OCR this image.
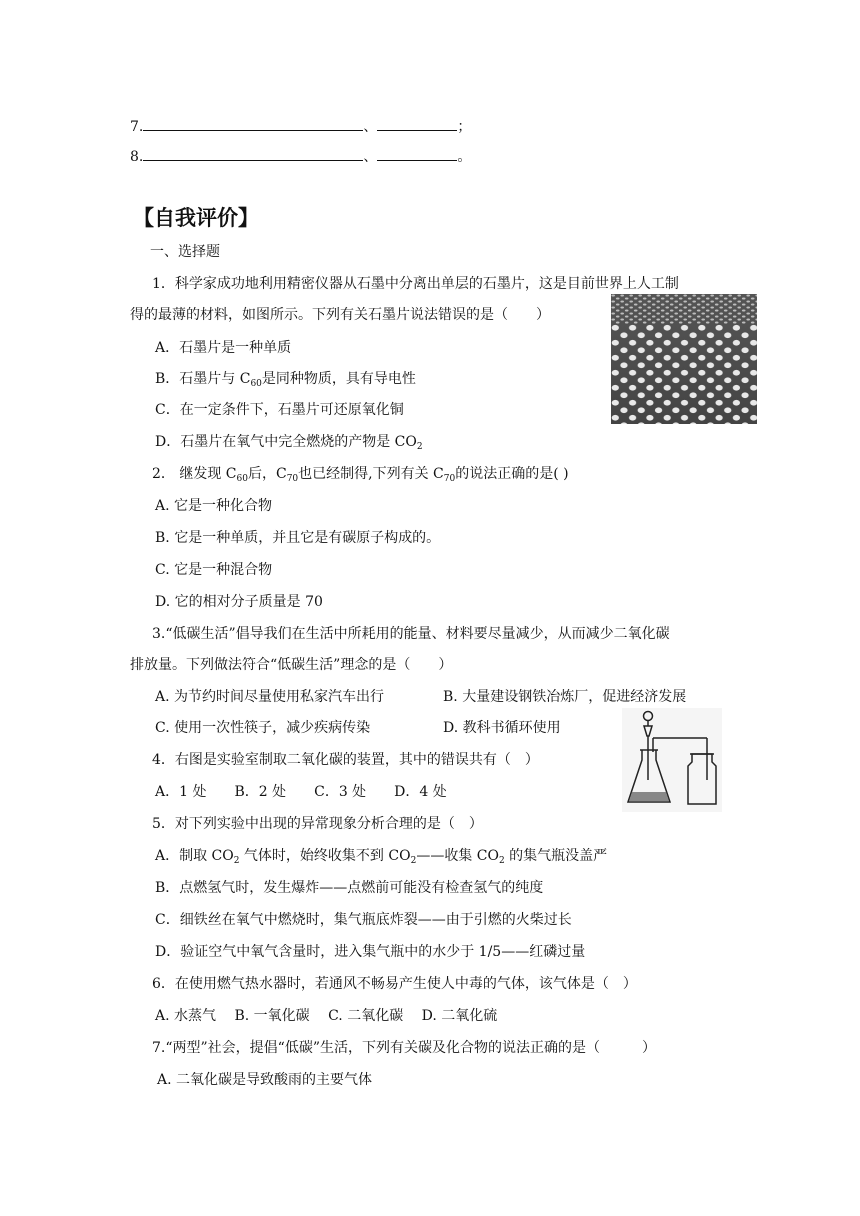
7.	、	；
8.	、	。
【自我评价】
一、选择题
1．科学家成功地利用精密仪器从石墨中分离出单层的石墨片，这是目前世界上人工制
得的最薄的材料，如图所示。下列有关石墨片说法错误的是（　　）
A．石墨片是一种单质
B．石墨片与 $C_{60}$是同种物质，具有导电性
C．在一定条件下，石墨片可还原氧化铜
D．石墨片在氧气中完全燃烧的产物是 $CO_2$
2． 继发现 $C_{60}$后，$C_{70}$也已经制得,下列有关 $C_{70}$的说法正确的是( )
A. 它是一种化合物
B. 它是一种单质，并且它是有碳原子构成的。
C. 它是一种混合物
D. 它的相对分子质量是 70
3.“低碳生活”倡导我们在生活中所耗用的能量、材料要尽量减少，从而减少二氧化碳
排放量。下列做法符合“低碳生活”理念的是（　　）
A. 为节约时间尽量使用私家汽车出行	B. 大量建设钢铁冶炼厂，促进经济发展
C. 使用一次性筷子，减少疾病传染	D. 教科书循环使用
4．右图是实验室制取二氧化碳的装置，其中的错误共有（　）
A．1 处　　B．2 处　　C．3 处　　D．4 处
5．对下列实验中出现的异常现象分析合理的是（　）
A．制取 $CO_2$ 气体时，始终收集不到 $CO_2——$收集 $CO_2$ 的集气瓶没盖严
B．点燃氢气时，发生爆炸——点燃前可能没有检查氢气的纯度
C．细铁丝在氧气中燃烧时，集气瓶底炸裂——由于引燃的火柴过长
D．验证空气中氧气含量时，进入集气瓶中的水少于 1/5——红磷过量
6．在使用燃气热水器时，若通风不畅易产生使人中毒的气体，该气体是（　）
A. 水蒸气　 B. 一氧化碳　 C. 二氧化碳　 D. 二氧化硫
7.“两型”社会，提倡“低碳”生活，下列有关碳及化合物的说法正确的是（　　　）
A. 二氧化碳是导致酸雨的主要气体
